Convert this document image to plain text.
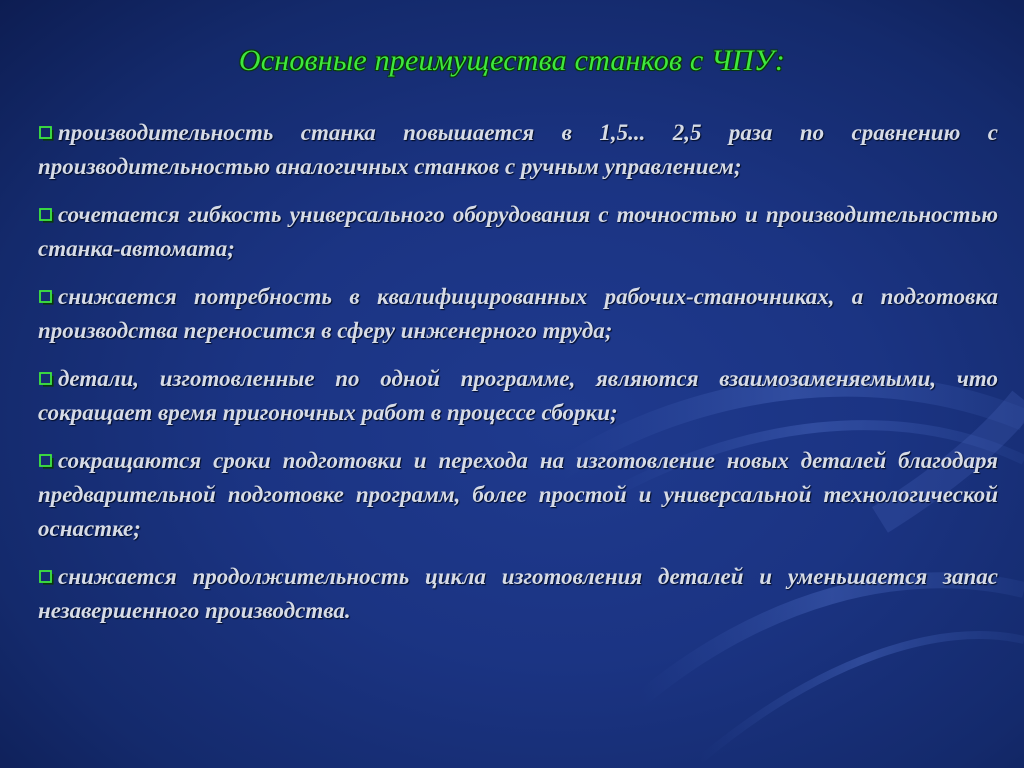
Основные преимущества станков с ЧПУ:
производительность станка повышается в 1,5... 2,5 раза по сравнению с производительностью аналогичных станков с ручным управлением;
сочетается гибкость универсального оборудования с точностью и производительностью станка-автомата;
снижается потребность в квалифицированных рабочих-станочниках, а подготовка производства переносится в сферу инженерного труда;
детали, изготовленные по одной программе, являются взаимозаменяемыми, что сокращает время пригоночных работ в процессе сборки;
сокращаются сроки подготовки и перехода на изготовление новых деталей благодаря предварительной подготовке программ, более простой и универсальной технологической оснастке;
снижается продолжительность цикла изготовления деталей и уменьшается запас незавершенного производства.
